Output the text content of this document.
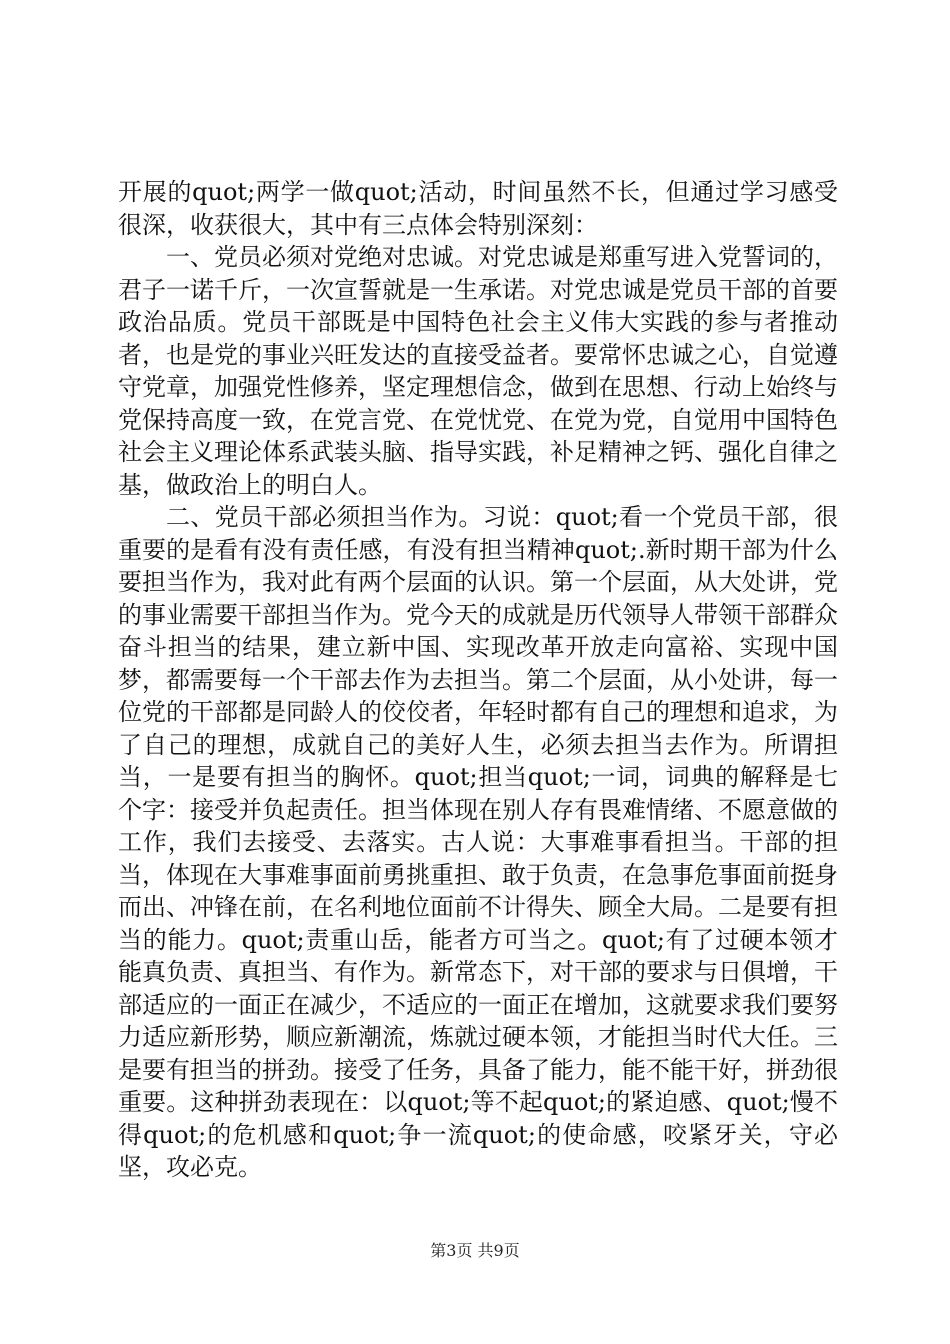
开展的quot;两学一做quot;活动，时间虽然不长，但通过学习感受很深，收获很大，其中有三点体会特别深刻：

一、党员必须对党绝对忠诚。对党忠诚是郑重写进入党誓词的，君子一诺千斤，一次宣誓就是一生承诺。对党忠诚是党员干部的首要政治品质。党员干部既是中国特色社会主义伟大实践的参与者推动者，也是党的事业兴旺发达的直接受益者。要常怀忠诚之心，自觉遵守党章，加强党性修养，坚定理想信念，做到在思想、行动上始终与党保持高度一致，在党言党、在党忧党、在党为党，自觉用中国特色社会主义理论体系武装头脑、指导实践，补足精神之钙、强化自律之基，做政治上的明白人。

二、党员干部必须担当作为。习说：quot;看一个党员干部，很重要的是看有没有责任感，有没有担当精神quot;.新时期干部为什么要担当作为，我对此有两个层面的认识。第一个层面，从大处讲，党的事业需要干部担当作为。党今天的成就是历代领导人带领干部群众奋斗担当的结果，建立新中国、实现改革开放走向富裕、实现中国梦，都需要每一个干部去作为去担当。第二个层面，从小处讲，每一位党的干部都是同龄人的佼佼者，年轻时都有自己的理想和追求，为了自己的理想，成就自己的美好人生，必须去担当去作为。所谓担当，一是要有担当的胸怀。quot;担当quot;一词，词典的解释是七个字：接受并负起责任。担当体现在别人存有畏难情绪、不愿意做的工作，我们去接受、去落实。古人说：大事难事看担当。干部的担当，体现在大事难事面前勇挑重担、敢于负责，在急事危事面前挺身而出、冲锋在前，在名利地位面前不计得失、顾全大局。二是要有担当的能力。quot;责重山岳，能者方可当之。quot;有了过硬本领才能真负责、真担当、有作为。新常态下，对干部的要求与日俱增，干部适应的一面正在减少，不适应的一面正在增加，这就要求我们要努力适应新形势，顺应新潮流，炼就过硬本领，才能担当时代大任。三是要有担当的拼劲。接受了任务，具备了能力，能不能干好，拼劲很重要。这种拼劲表现在：以quot;等不起quot;的紧迫感、quot;慢不得quot;的危机感和quot;争一流quot;的使命感，咬紧牙关，守必坚，攻必克。

第3页 共9页
